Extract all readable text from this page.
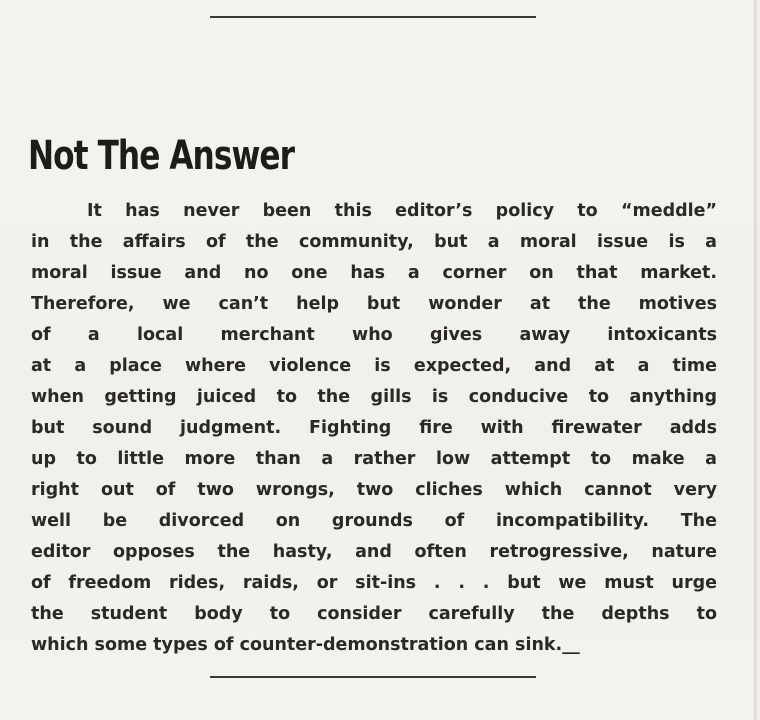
Not The Answer
It has never been this editor’s policy to “meddle”
in the affairs of the community, but a moral issue is a
moral issue and no one has a corner on that market.
Therefore, we can’t help but wonder at the motives
of a local merchant who gives away intoxicants
at a place where violence is expected, and at a time
when getting juiced to the gills is conducive to anything
but sound judgment. Fighting fire with firewater adds
up to little more than a rather low attempt to make a
right out of two wrongs, two cliches which cannot very
well be divorced on grounds of incompatibility. The
editor opposes the hasty, and often retrogressive, nature
of freedom rides, raids, or sit-ins . . . but we must urge
the student body to consider carefully the depths to
which some types of counter-demonstration can sink.__
